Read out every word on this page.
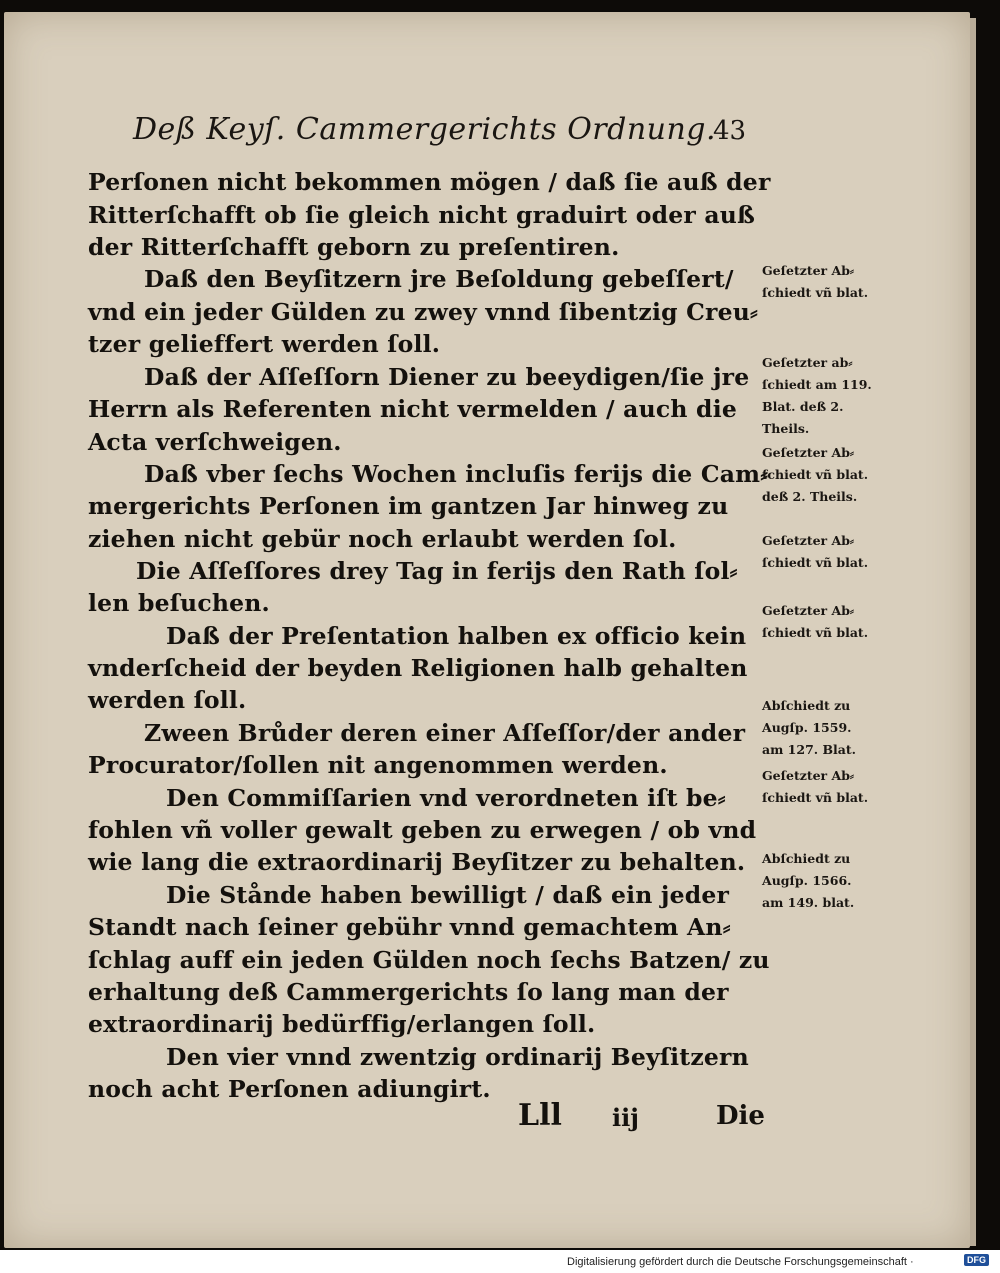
Deß Keyſ. Cammergerichts Ordnung.
43
Perſonen nicht bekommen mögen / daß ſie auß der
Ritterſchafft ob ſie gleich nicht graduirt oder auß
der Ritterſchafft geborn zu preſentiren.
Daß den Beyſitzern jre Beſoldung gebeſſert/
vnd ein jeder Gülden zu zwey vnnd ſibentzig Creu⸗
tzer gelieffert werden ſoll.
Daß der Aſſeſſorn Diener zu beeydigen/ſie jre
Herrn als Referenten nicht vermelden / auch die
Acta verſchweigen.
Daß vber ſechs Wochen incluſis ferijs die Cam⸗
mergerichts Perſonen im gantzen Jar hinweg zu
ziehen nicht gebür noch erlaubt werden ſol.
Die Aſſeſſores drey Tag in ferijs den Rath ſol⸗
len beſuchen.
Daß der Preſentation halben ex officio kein
vnderſcheid der beyden Religionen halb gehalten
werden ſoll.
Zween Brůder deren einer Aſſeſſor/der ander
Procurator/ſollen nit angenommen werden.
Den Commiſſarien vnd verordneten iſt be⸗
fohlen vñ voller gewalt geben zu erwegen / ob vnd
wie lang die extraordinarij Beyſitzer zu behalten.
Die Stånde haben bewilligt / daß ein jeder
Standt nach ſeiner gebühr vnnd gemachtem An⸗
ſchlag auff ein jeden Gülden noch ſechs Batzen/ zu
erhaltung deß Cammergerichts ſo lang man der
extraordinarij bedürffig/erlangen ſoll.
Den vier vnnd zwentzig ordinarij Beyſitzern
noch acht Perſonen adiungirt.
Geſetzter Ab⸗
ſchiedt vñ blat.
Geſetzter ab⸗
ſchiedt am 119.
Blat. deß 2.
Theils.
Geſetzter Ab⸗
ſchiedt vñ blat.
deß 2. Theils.
Geſetzter Ab⸗
ſchiedt vñ blat.
Geſetzter Ab⸗
ſchiedt vñ blat.
Abſchiedt zu
Augſp. 1559.
am 127. Blat.
Geſetzter Ab⸗
ſchiedt vñ blat.
Abſchiedt zu
Augſp. 1566.
am 149. blat.
Lll iij	Die
Digitalisierung gefördert durch die Deutsche Forschungsgemeinschaft ·	DFG
